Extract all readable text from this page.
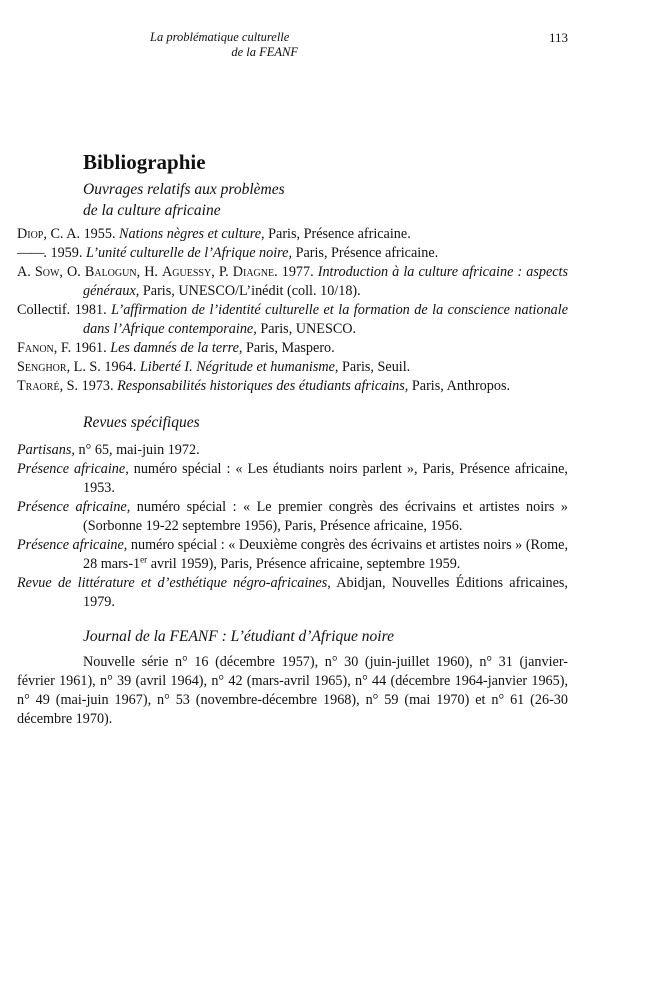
La problématique culturelle
de la FEANF
113
Bibliographie
Ouvrages relatifs aux problèmes
de la culture africaine
Diop, C. A. 1955. Nations nègres et culture, Paris, Présence africaine.
——. 1959. L’unité culturelle de l’Afrique noire, Paris, Présence africaine.
A. Sow, O. Balogun, H. Aguessy, P. Diagne. 1977. Introduction à la culture africaine : aspects généraux, Paris, UNESCO/L’inédit (coll. 10/18).
Collectif. 1981. L’affirmation de l’identité culturelle et la formation de la conscience nationale dans l’Afrique contemporaine, Paris, UNESCO.
Fanon, F. 1961. Les damnés de la terre, Paris, Maspero.
Senghor, L. S. 1964. Liberté I. Négritude et humanisme, Paris, Seuil.
Traoré, S. 1973. Responsabilités historiques des étudiants africains, Paris, Anthropos.
Revues spécifiques
Partisans, n° 65, mai-juin 1972.
Présence africaine, numéro spécial : « Les étudiants noirs parlent », Paris, Présence africaine, 1953.
Présence africaine, numéro spécial : « Le premier congrès des écrivains et artistes noirs » (Sorbonne 19-22 septembre 1956), Paris, Présence africaine, 1956.
Présence africaine, numéro spécial : « Deuxième congrès des écrivains et artistes noirs » (Rome, 28 mars-1er avril 1959), Paris, Présence africaine, septembre 1959.
Revue de littérature et d’esthétique négro-africaines, Abidjan, Nouvelles Éditions africaines, 1979.
Journal de la FEANF : L’étudiant d’Afrique noire
Nouvelle série n° 16 (décembre 1957), n° 30 (juin-juillet 1960), n° 31 (janvier-février 1961), n° 39 (avril 1964), n° 42 (mars-avril 1965), n° 44 (décembre 1964-janvier 1965), n° 49 (mai-juin 1967), n° 53 (novembre-décembre 1968), n° 59 (mai 1970) et n° 61 (26-30 décembre 1970).
